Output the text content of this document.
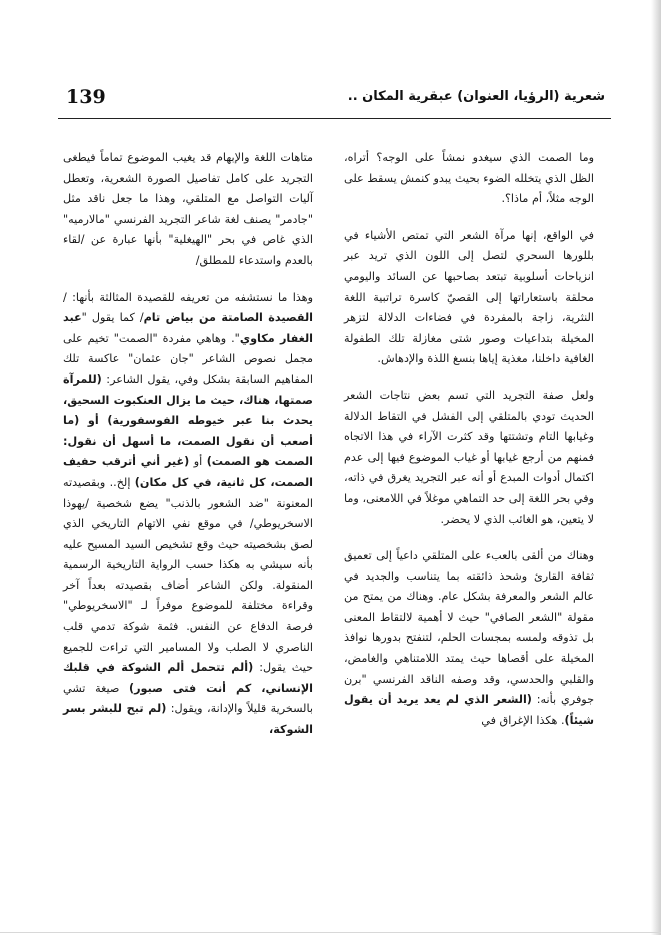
139	شعرية (الرؤيا، العنوان) عبقرية المكان ..

وما الصمت الذي سيغدو نمشاً على الوجه؟ أتراه، الظل الذي يتخلله الضوء بحيث يبدو كنمش يسقط على الوجه مثلاً، أم ماذا؟.

في الواقع، إنها مرآة الشعر التي تمتص الأشياء في بللورها السحري لتصل إلى اللون الذي تريد عبر انزياحات أسلوبية تبتعد بصاحبها عن السائد واليومي محلقة باستعاراتها إلى القصيّ كاسرة تراتبية اللغة النثرية، زاجة بالمفردة في فضاءات الدلالة لتزهر المخيلة بتداعيات وصور شتى مغازلة تلك الطفولة الغافية داخلنا، مغذية إياها بنسغ اللذة والإدهاش.

ولعل صفة التجريد التي تسم بعض نتاجات الشعر الحديث تودي بالمتلقي إلى الفشل في التقاط الدلالة وغيابها التام وتشتتها وقد كثرت الآراء في هذا الاتجاه فمنهم من أرجع غيابها أو غياب الموضوع فيها إلى عدم اكتمال أدوات المبدع أو أنه عبر التجريد يغرق في ذاته، وفي بحر اللغة إلى حد التماهي موغلاً في اللامعنى، وما لا يتعين، هو الغائب الذي لا يحضر.

وهناك من ألقى بالعبء على المتلقي داعياً إلى تعميق ثقافة القارئ وشحذ ذائقته بما يتناسب والجديد في عالم الشعر والمعرفة بشكل عام. وهناك من يمتح من مقولة "الشعر الصافي" حيث لا أهمية لالتقاط المعنى بل تذوقه ولمسه بمجسات الحلم، لتنفتح بدورها نوافذ المخيلة على أقصاها حيث يمتد اللامتناهي والغامض، والقلبي والحدسي، وقد وصفه الناقد الفرنسي "برن جوفري بأنه: (الشعر الذي لم يعد يريد أن يقول شيئاً). هكذا الإغراق في

متاهات اللغة والإبهام قد يغيب الموضوع تماماً فيطغى التجريد على كامل تفاصيل الصورة الشعرية، وتعطل آليات التواصل مع المتلقي، وهذا ما جعل ناقد مثل "جادمر" يصنف لغة شاعر التجريد الفرنسي "مالارميه" الذي غاص في بحر "الهيغلية" بأنها عبارة عن /لقاء بالعدم واستدعاء للمطلق/

وهذا ما نستشفه من تعريفه للقصيدة المثالثة بأنها: /القصيدة الصامتة من بياض تام/ كما يقول "عبد الغفار مكاوي". وهاهي مفردة "الصمت" تخيم على مجمل نصوص الشاعر "جان عثمان" عاكسة تلك المفاهيم السابقة بشكل وفي، يقول الشاعر: (للمرآة صمتها، هناك، حيث ما يزال العنكبوت السحيق، يحدث بنا عبر خيوطه الفوسفورية) أو (ما أصعب أن نقول الصمت، ما أسهل أن نقول: الصمت هو الصمت) أو (غير أني أترقب حفيف الصمت، كل ثانية، في كل مكان) إلخ.. وبقصيدته المعنونة "ضد الشعور بالذنب" يضع شخصية /يهوذا الاسخريوطي/ في موقع نفي الاتهام التاريخي الذي لصق بشخصيته حيث وقع تشخيص السيد المسيح عليه بأنه سيشي به هكذا حسب الرواية التاريخية الرسمية المنقولة. ولكن الشاعر أضاف بقصيدته بعداً آخر وقراءة مختلفة للموضوع موفراً لـ "الاسخريوطي" فرصة الدفاع عن النفس. فثمة شوكة تدمي قلب الناصري لا الصلب ولا المسامير التي تراءت للجميع حيث يقول: (ألم تتحمل ألم الشوكة في قلبك الإنساني، كم أنت فتى صبور) صيغة تشي بالسخرية قليلاً والإدانة، ويقول: (لم تبح للبشر بسر الشوكة،
